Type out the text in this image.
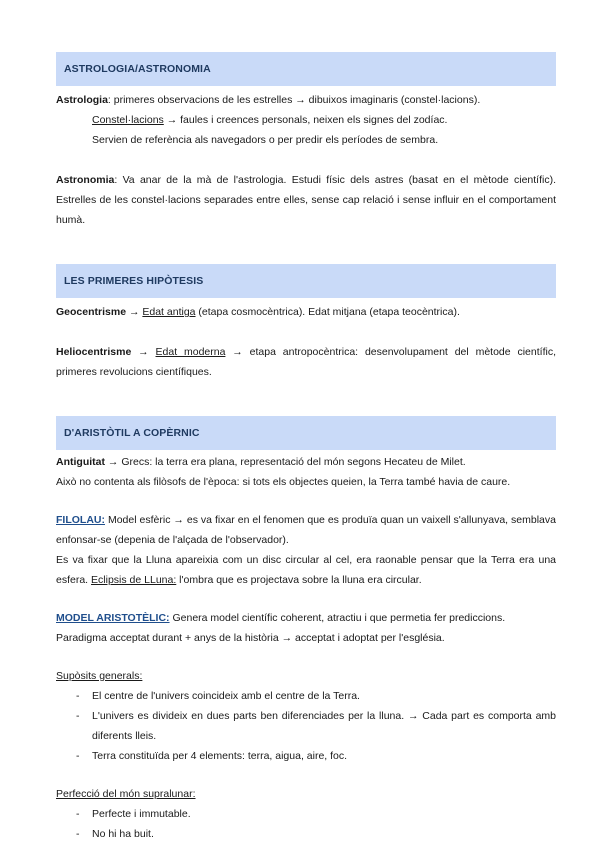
ASTROLOGIA/ASTRONOMIA

Astrologia: primeres observacions de les estrelles → dibuixos imaginaris (constel·lacions).

Constel·lacions → faules i creences personals, neixen els signes del zodíac.

Servien de referència als navegadors o per predir els períodes de sembra.

Astronomia: Va anar de la mà de l'astrologia. Estudi físic dels astres (basat en el mètode científic). Estrelles de les constel·lacions separades entre elles, sense cap relació i sense influir en el comportament humà.

LES PRIMERES HIPÒTESIS

Geocentrisme → Edat antiga (etapa cosmocèntrica). Edat mitjana (etapa teocèntrica).

Heliocentrisme → Edat moderna → etapa antropocèntrica: desenvolupament del mètode científic, primeres revolucions científiques.

D'ARISTÒTIL A COPÈRNIC

Antiguitat → Grecs: la terra era plana, representació del món segons Hecateu de Milet.

Això no contenta als filòsofs de l'època: si tots els objectes queien, la Terra també havia de caure.

FILOLAU: Model esfèric → es va fixar en el fenomen que es produïa quan un vaixell s'allunyava, semblava enfonsar-se (depenia de l'alçada de l'observador).

Es va fixar que la Lluna apareixia com un disc circular al cel, era raonable pensar que la Terra era una esfera. Eclipsis de LLuna: l'ombra que es projectava sobre la lluna era circular.

MODEL ARISTOTÈLIC: Genera model científic coherent, atractiu i que permetia fer prediccions.

Paradigma acceptat durant + anys de la història → acceptat i adoptat per l'església.

Supòsits generals:

- El centre de l'univers coincideix amb el centre de la Terra.
- L'univers es divideix en dues parts ben diferenciades per la lluna. → Cada part es comporta amb diferents lleis.
- Terra constituïda per 4 elements: terra, aigua, aire, foc.

Perfecció del món supralunar:

- Perfecte i immutable.
- No hi ha buit.
